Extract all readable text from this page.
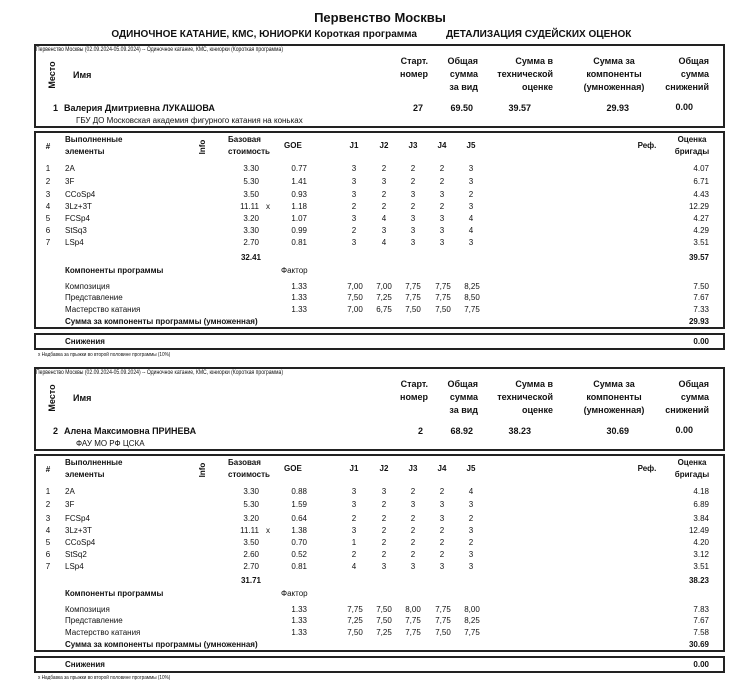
Первенство Москвы
ОДИНОЧНОЕ КАТАНИЕ, КМС, ЮНИОРКИ Короткая программа	ДЕТАЛИЗАЦИЯ СУДЕЙСКИХ ОЦЕНОК
Первенство Москвы (02.09.2024-05.09.2024) -- Одиночное катание, КМС, юниорки (Короткая программа)
Место Имя
Старт.
номер
Общая
сумма
за вид
Сумма в
технической
оценке
Сумма за
компоненты
(умноженная)
Общая
сумма
снижений
1 Валерия Дмитриевна ЛУКАШОВА	27	69.50	39.57	29.93	0.00
ГБУ ДО Московская академия фигурного катания на коньках
#
Выполненные
элементы	Info
Базовая
стоимость
GOE	J1	J2	J3	J4	J5	Реф.
Оценка
бригады
1	2A	3.30	0.77	3	2	2	2	3	4.07
2	3F	5.30	1.41	3	3	2	2	3	6.71
3	CCoSp4	3.50	0.93	3	2	3	3	2	4.43
4	3Lz+3T	11.11 x	1.18	2	2	2	2	3	12.29
5	FCSp4	3.20	1.07	3	4	3	3	4	4.27
6	StSq3	3.30	0.99	2	3	3	3	4	4.29
7	LSp4	2.70	0.81	3	4	3	3	3	3.51
32.41	39.57
Компоненты программы	Фактор
Композиция	1.33	7,00	7,00	7,75	7,75	8,25	7.50
Представление	1.33	7,50	7,25	7,75	7,75	8,50	7.67
Мастерство катания	1.33	7,00	6,75	7,50	7,50	7,75	7.33
Сумма за компоненты программы (умноженная)	29.93
Снижения	0.00
x Надбавка за прыжки во второй половине программы (10%)
Первенство Москвы (02.09.2024-05.09.2024) -- Одиночное катание, КМС, юниорки (Короткая программа)
Место Имя
Старт.
номер
Общая
сумма
за вид
Сумма в
технической
оценке
Сумма за
компоненты
(умноженная)
Общая
сумма
снижений
2 Алена Максимовна ПРИНЕВА	2	68.92	38.23	30.69	0.00
ФАУ МО РФ ЦСКА
#
Выполненные
элементы	Info
Базовая
стоимость
GOE	J1	J2	J3	J4	J5	Реф.
Оценка
бригады
1	2A	3.30	0.88	3	3	2	2	4	4.18
2	3F	5.30	1.59	3	2	3	3	3	6.89
3	FCSp4	3.20	0.64	2	2	2	3	2	3.84
4	3Lz+3T	11.11 x	1.38	3	2	2	2	3	12.49
5	CCoSp4	3.50	0.70	1	2	2	2	2	4.20
6	StSq2	2.60	0.52	2	2	2	2	3	3.12
7	LSp4	2.70	0.81	4	3	3	3	3	3.51
31.71	38.23
Компоненты программы	Фактор
Композиция	1.33	7,75	7,50	8,00	7,75	8,00	7.83
Представление	1.33	7,25	7,50	7,75	7,75	8,25	7.67
Мастерство катания	1.33	7,50	7,25	7,75	7,50	7,75	7.58
Сумма за компоненты программы (умноженная)	30.69
Снижения	0.00
x Надбавка за прыжки во второй половине программы (10%)
